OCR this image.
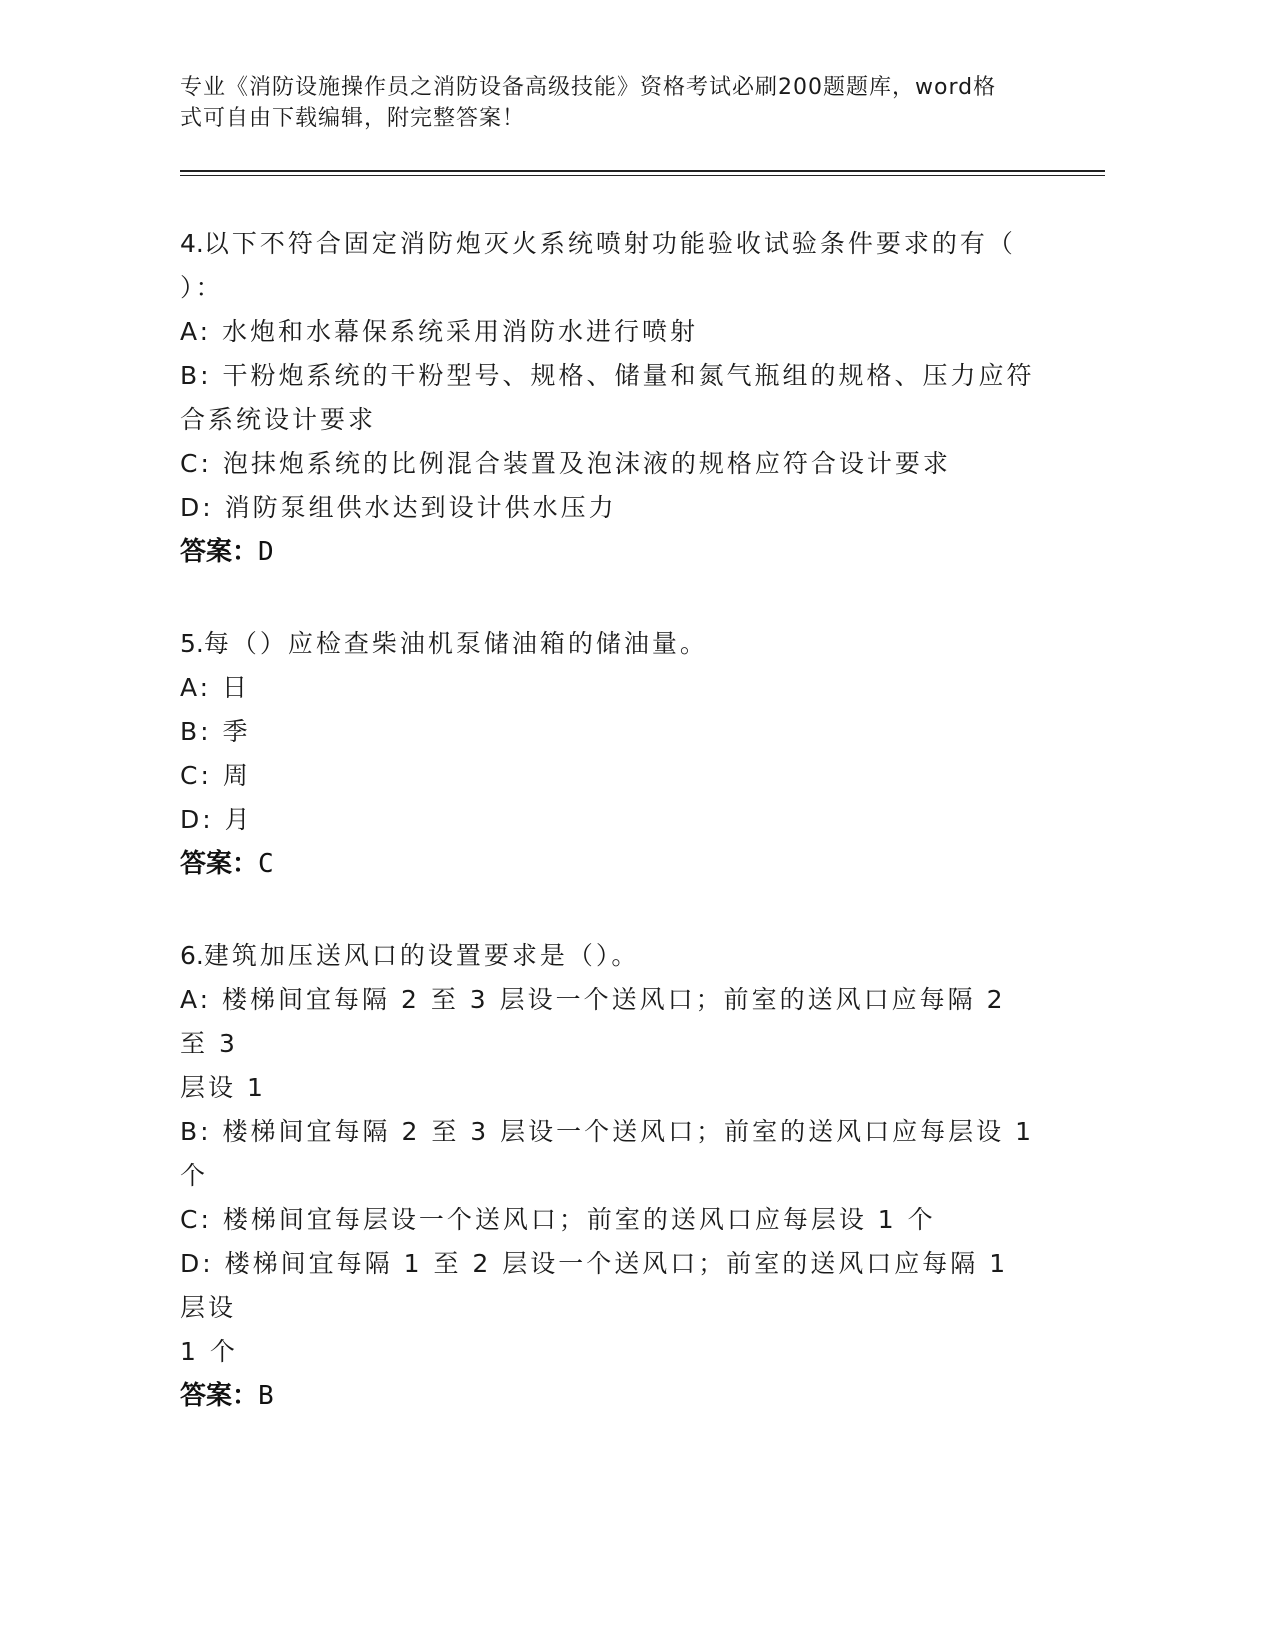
专业《消防设施操作员之消防设备高级技能》资格考试必刷200题题库，word格
式可自由下载编辑，附完整答案！
4.以下不符合固定消防炮灭火系统喷射功能验收试验条件要求的有（
）：
A: 水炮和水幕保系统采用消防水进行喷射
B: 干粉炮系统的干粉型号、规格、储量和氮气瓶组的规格、压力应符
合系统设计要求
C: 泡抹炮系统的比例混合装置及泡沫液的规格应符合设计要求
D: 消防泵组供水达到设计供水压力
答案：D
5.每（）应检查柴油机泵储油箱的储油量。
A: 日
B: 季
C: 周
D: 月
答案：C
6.建筑加压送风口的设置要求是（）。
A: 楼梯间宜每隔 2 至 3 层设一个送风口；前室的送风口应每隔 2 至 3
层设 1
B: 楼梯间宜每隔 2 至 3 层设一个送风口；前室的送风口应每层设 1 个
C: 楼梯间宜每层设一个送风口；前室的送风口应每层设 1 个
D: 楼梯间宜每隔 1 至 2 层设一个送风口；前室的送风口应每隔 1 层设
1 个
答案：B
